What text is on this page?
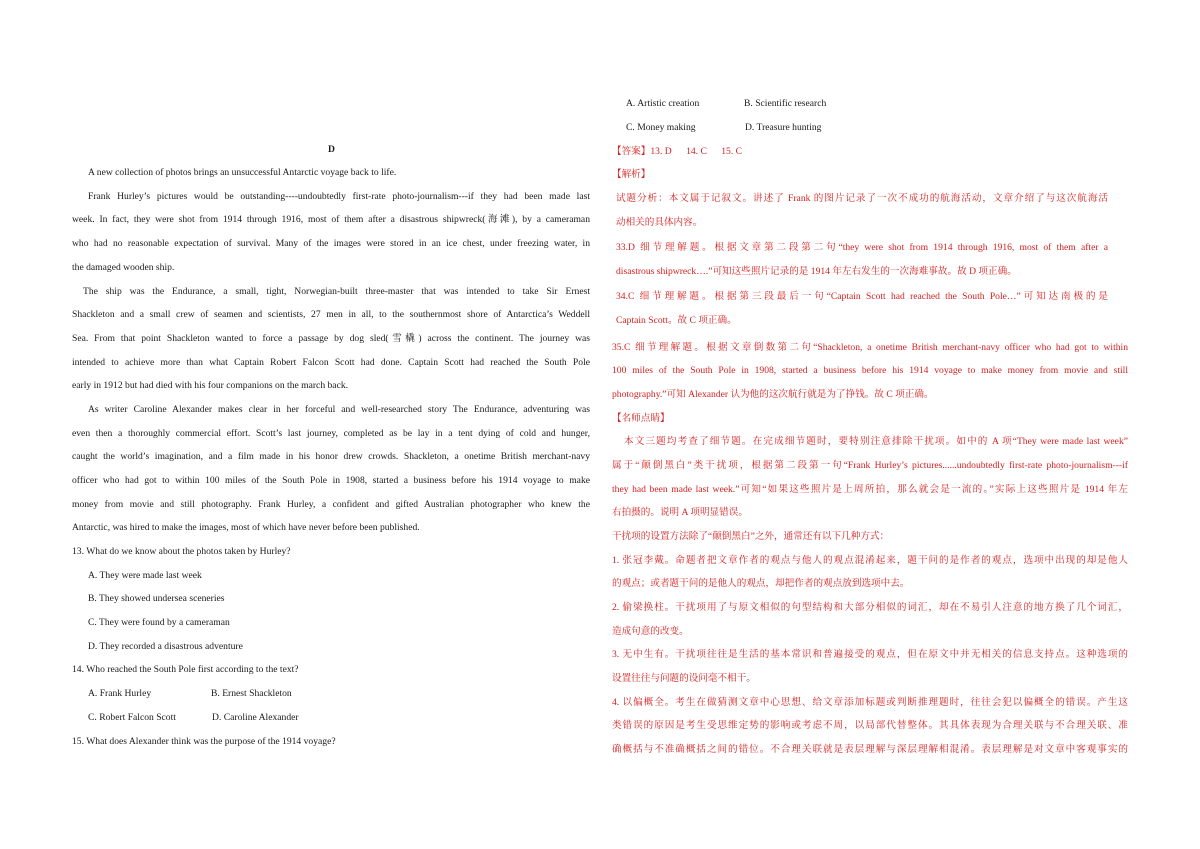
D
A new collection of photos brings an unsuccessful Antarctic voyage back to life.
Frank Hurley’s pictures would be outstanding----undoubtedly first-rate photo-journalism---if they had been made last
week. In fact, they were shot from 1914 through 1916, most of them after a disastrous shipwreck(海滩), by a cameraman
who had no reasonable expectation of survival. Many of the images were stored in an ice chest, under freezing water, in
the damaged wooden ship.
The ship was the Endurance, a small, tight, Norwegian-built three-master that was intended to take Sir Ernest
Shackleton and a small crew of seamen and scientists, 27 men in all, to the southernmost shore of Antarctica’s Weddell
Sea. From that point Shackleton wanted to force a passage by dog sled(雪橇) across the continent. The journey was
intended to achieve more than what Captain Robert Falcon Scott had done. Captain Scott had reached the South Pole
early in 1912 but had died with his four companions on the march back.
As writer Caroline Alexander makes clear in her forceful and well-researched story The Endurance, adventuring was
even then a thoroughly commercial effort. Scott’s last journey, completed as be lay in a tent dying of cold and hunger,
caught the world’s imagination, and a film made in his honor drew crowds. Shackleton, a onetime British merchant-navy
officer who had got to within 100 miles of the South Pole in 1908, started a business before his 1914 voyage to make
money from movie and still photography. Frank Hurley, a confident and gifted Australian photographer who knew the
Antarctic, was hired to make the images, most of which have never before been published.
13. What do we know about the photos taken by Hurley?
A. They were made last week
B. They showed undersea sceneries
C. They were found by a cameraman
D. They recorded a disastrous adventure
14. Who reached the South Pole first according to the text?
A. Frank Hurley	B. Ernest Shackleton
C. Robert Falcon Scott	D. Caroline Alexander
15. What does Alexander think was the purpose of the 1914 voyage?
A. Artistic creation	B. Scientific research
C. Money making	D. Treasure hunting
【答案】13. D      14. C      15. C
【解析】
试题分析：本文属于记叙文。讲述了 Frank 的图片记录了一次不成功的航海活动，文章介绍了与这次航海活
动相关的具体内容。
33.D 细节理解题。根据文章第二段第二句“they were shot from 1914 through 1916, most of them after a
disastrous shipwreck….”可知这些照片记录的是 1914 年左右发生的一次海难事故。故 D 项正确。
34.C 细节理解题。根据第三段最后一句“Captain Scott had reached the South Pole…”可知达南极的是
Captain Scott。故 C 项正确。
35.C 细节理解题。根据文章倒数第二句“Shackleton, a onetime British merchant-navy officer who had got to within
100 miles of the South Pole in 1908, started a business before his 1914 voyage to make money from movie and still
photography.”可知 Alexander 认为他的这次航行就是为了挣钱。故 C 项正确。
【名师点睛】
本文三题均考查了细节题。在完成细节题时，要特别注意排除干扰项。如中的 A 项“They were made last week”
属于“颠倒黑白”类干扰项，根据第二段第一句“Frank Hurley’s pictures......undoubtedly first-rate photo-journalism---if
they had been made last week.”可知“如果这些照片是上周所拍，那么就会是一流的。”实际上这些照片是 1914 年左
右拍摄的。说明 A 项明显错误。
干扰项的设置方法除了“颠倒黑白”之外，通常还有以下几种方式：
1. 张冠李戴。命题者把文章作者的观点与他人的观点混淆起来，题干问的是作者的观点，选项中出现的却是他人
的观点；或者题干问的是他人的观点，却把作者的观点放到选项中去。
2. 偷梁换柱。干扰项用了与原文相似的句型结构和大部分相似的词汇，却在不易引人注意的地方换了几个词汇，
造成句意的改变。
3. 无中生有。干扰项往往是生活的基本常识和普遍接受的观点，但在原文中并无相关的信息支持点。这种选项的
设置往往与问题的设问毫不相干。
4. 以偏概全。考生在做猜测文章中心思想、给文章添加标题或判断推理题时，往往会犯以偏概全的错误。产生这
类错误的原因是考生受思维定势的影响或考虑不周，以局部代替整体。其具体表现为合理关联与不合理关联、准
确概括与不准确概括之间的错位。不合理关联就是表层理解与深层理解相混淆。表层理解是对文章中客观事实的
